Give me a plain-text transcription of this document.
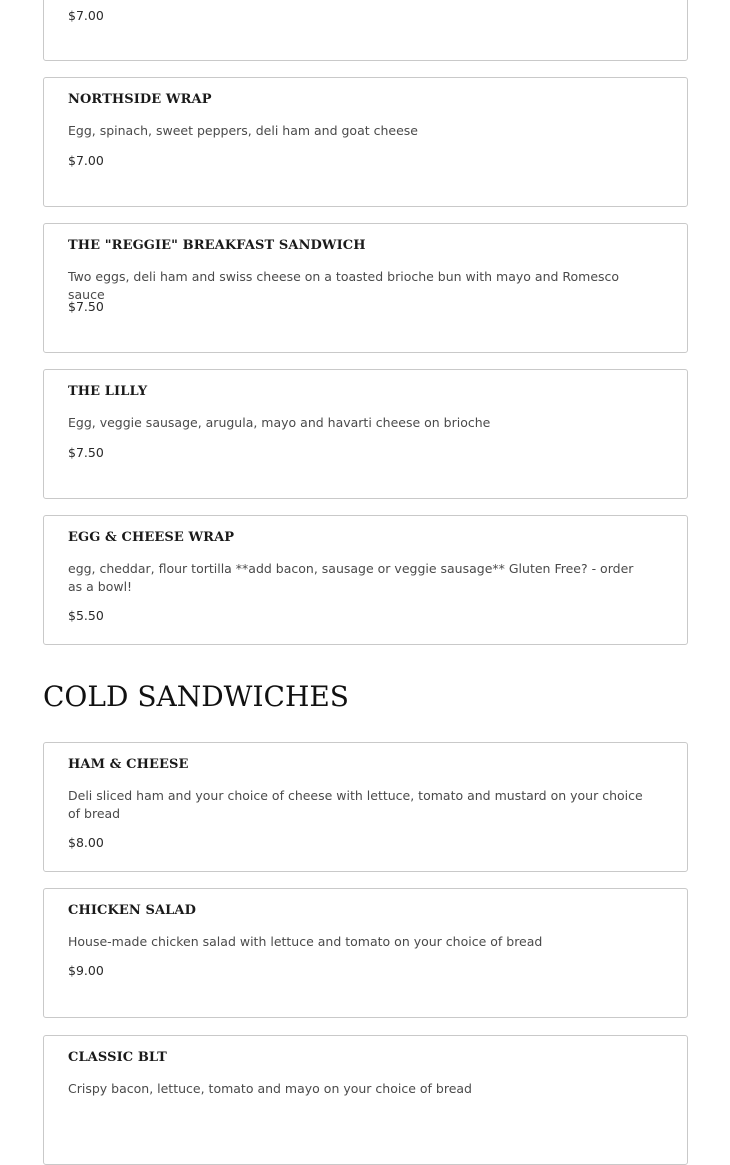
$7.00

NORTHSIDE WRAP

Egg, spinach, sweet peppers, deli ham and goat cheese

$7.00

THE "REGGIE" BREAKFAST SANDWICH

Two eggs, deli ham and swiss cheese on a toasted brioche bun with mayo and Romesco sauce

$7.50

THE LILLY

Egg, veggie sausage, arugula, mayo and havarti cheese on brioche

$7.50

EGG & CHEESE WRAP

egg, cheddar, flour tortilla **add bacon, sausage or veggie sausage** Gluten Free? - order as a bowl!

$5.50

COLD SANDWICHES
HAM & CHEESE

Deli sliced ham and your choice of cheese with lettuce, tomato and mustard on your choice of bread

$8.00

CHICKEN SALAD

House-made chicken salad with lettuce and tomato on your choice of bread

$9.00

CLASSIC BLT

Crispy bacon, lettuce, tomato and mayo on your choice of bread
